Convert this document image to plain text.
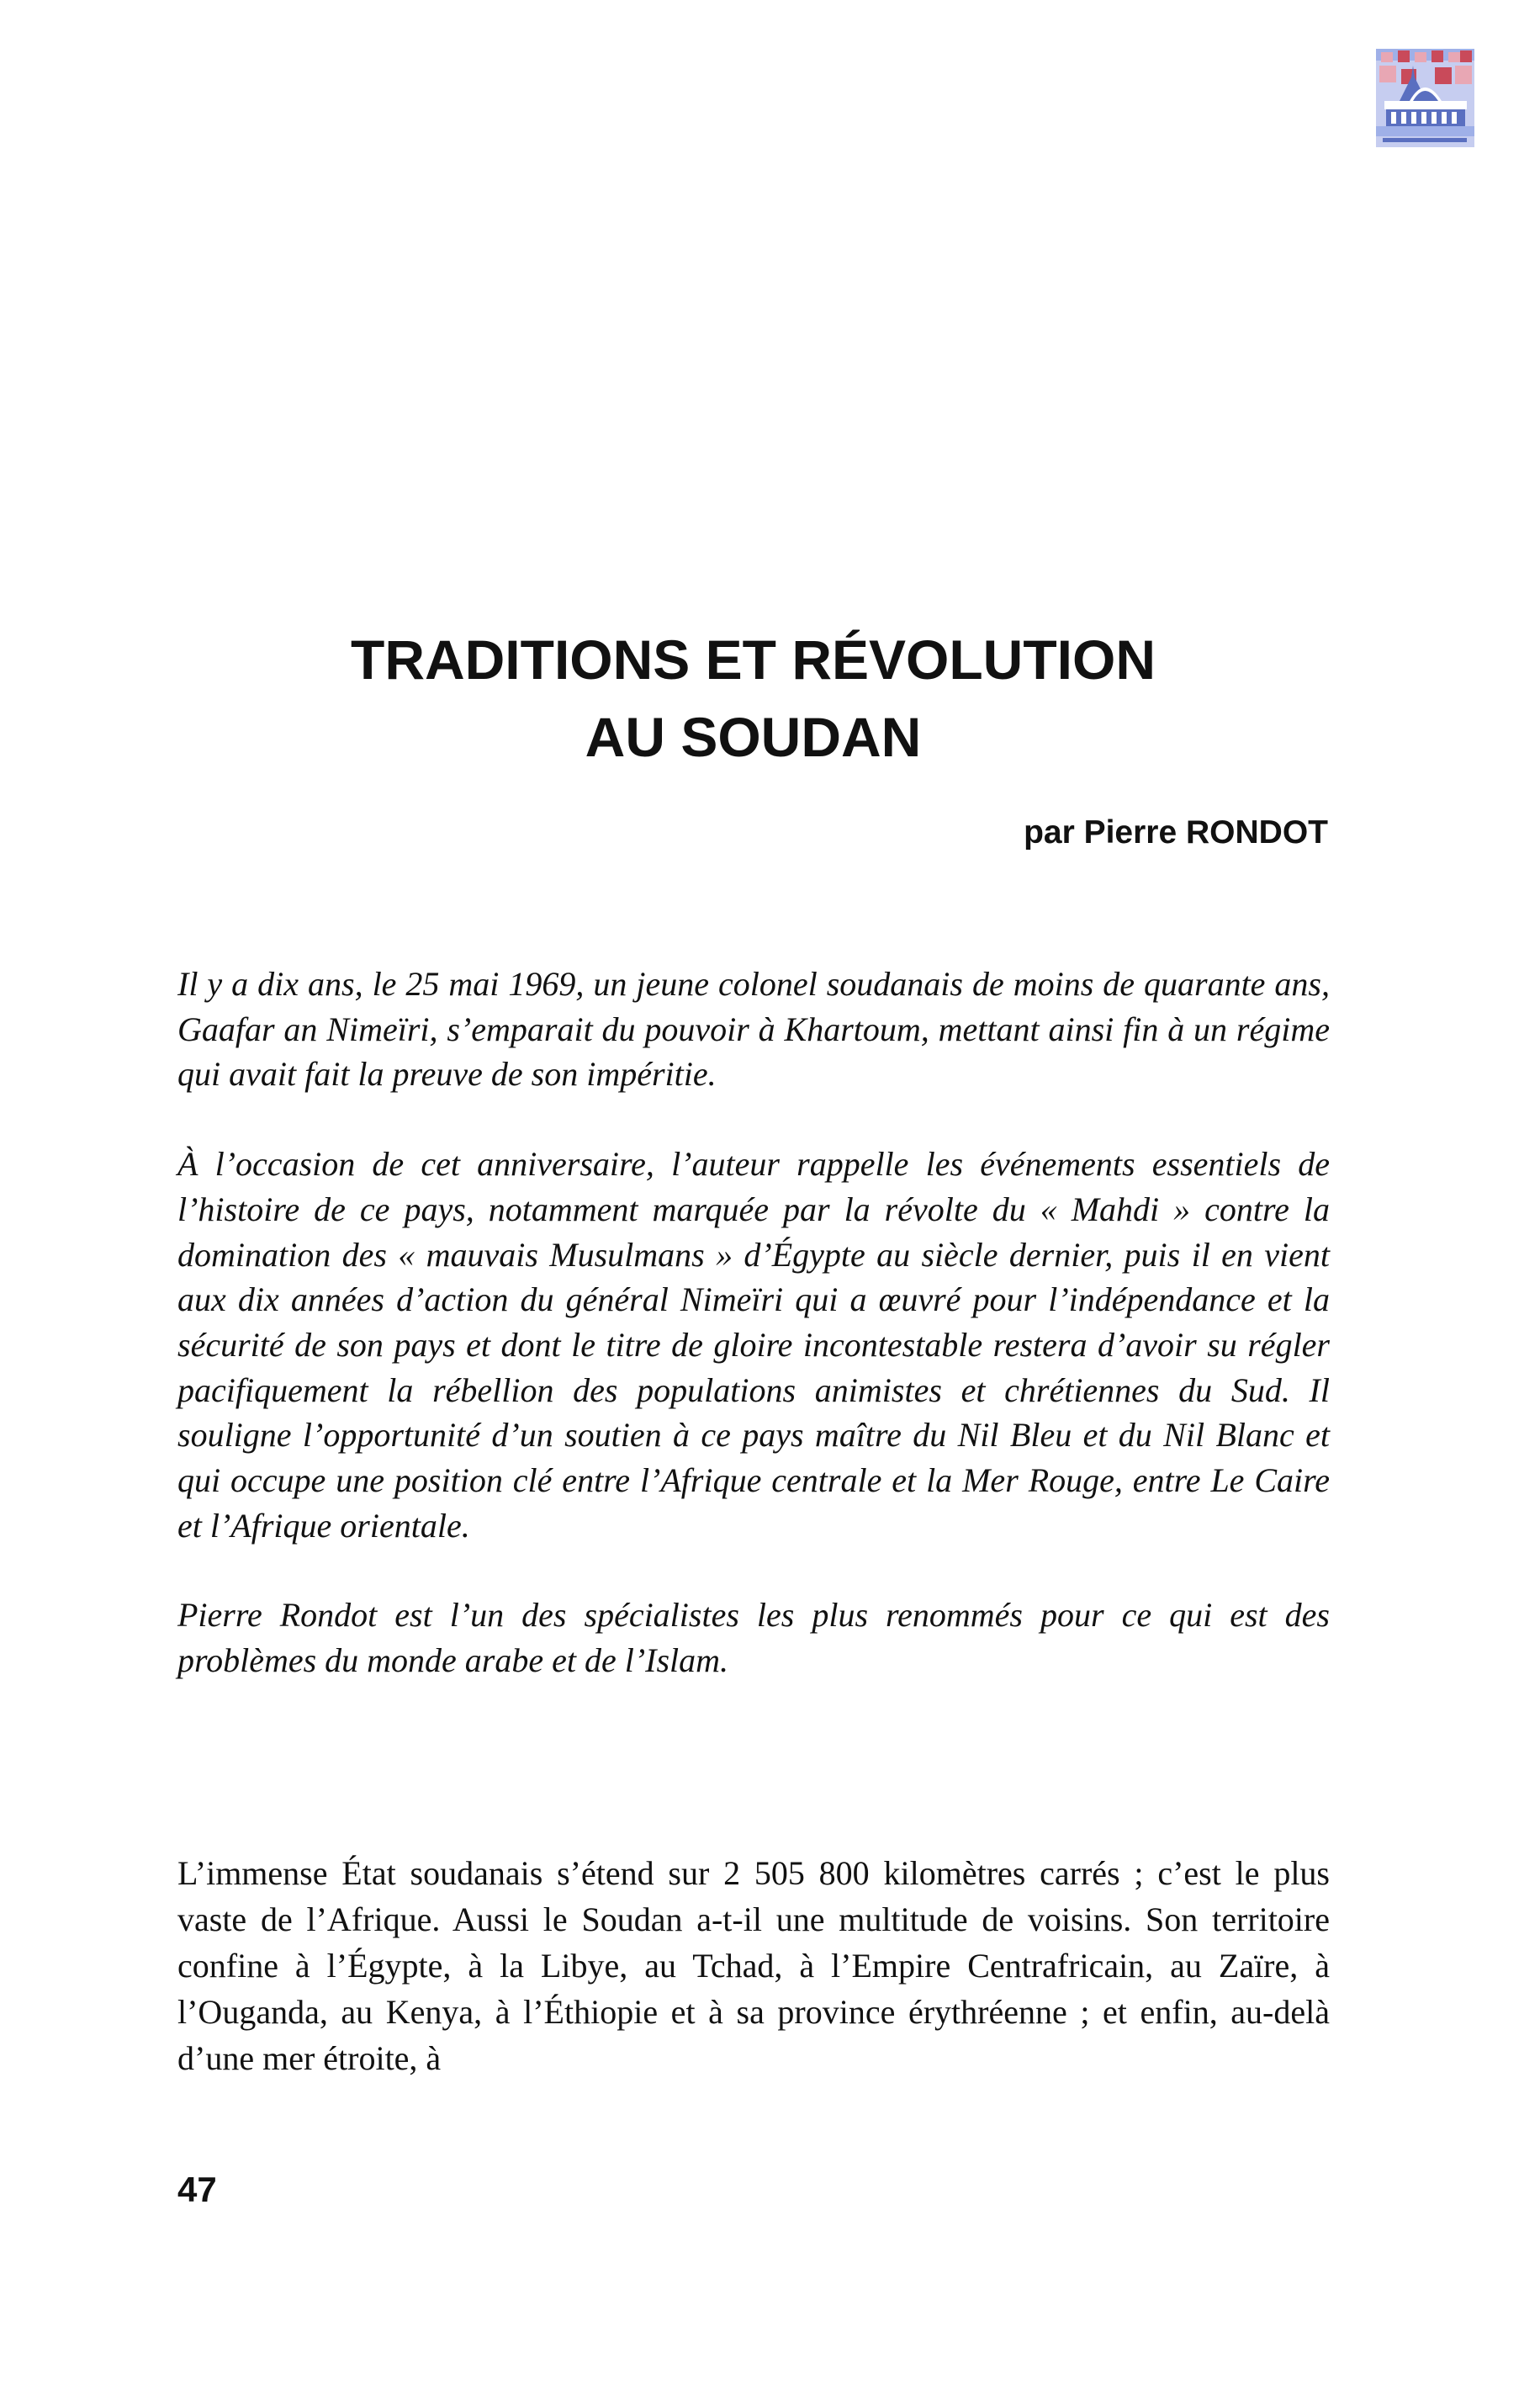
TRADITIONS ET RÉVOLUTION
AU SOUDAN

par Pierre RONDOT

Il y a dix ans, le 25 mai 1969, un jeune colonel soudanais de moins de quarante ans, Gaafar an Nimeïri, s’emparait du pouvoir à Khartoum, mettant ainsi fin à un régime qui avait fait la preuve de son impéritie.

À l’occasion de cet anniversaire, l’auteur rappelle les événements essentiels de l’histoire de ce pays, notamment marquée par la révolte du « Mahdi » contre la domination des « mauvais Musulmans » d’Égypte au siècle dernier, puis il en vient aux dix années d’action du général Nimeïri qui a œuvré pour l’indépendance et la sécurité de son pays et dont le titre de gloire incontestable restera d’avoir su régler pacifiquement la rébellion des populations animistes et chrétiennes du Sud. Il souligne l’opportunité d’un soutien à ce pays maître du Nil Bleu et du Nil Blanc et qui occupe une position clé entre l’Afrique centrale et la Mer Rouge, entre Le Caire et l’Afrique orientale.

Pierre Rondot est l’un des spécialistes les plus renommés pour ce qui est des problèmes du monde arabe et de l’Islam.

L’immense État soudanais s’étend sur 2 505 800 kilomètres carrés ; c’est le plus vaste de l’Afrique. Aussi le Soudan a-t-il une multitude de voisins. Son territoire confine à l’Égypte, à la Libye, au Tchad, à l’Empire Centrafricain, au Zaïre, à l’Ouganda, au Kenya, à l’Éthiopie et à sa province érythréenne ; et enfin, au-delà d’une mer étroite, à

47
